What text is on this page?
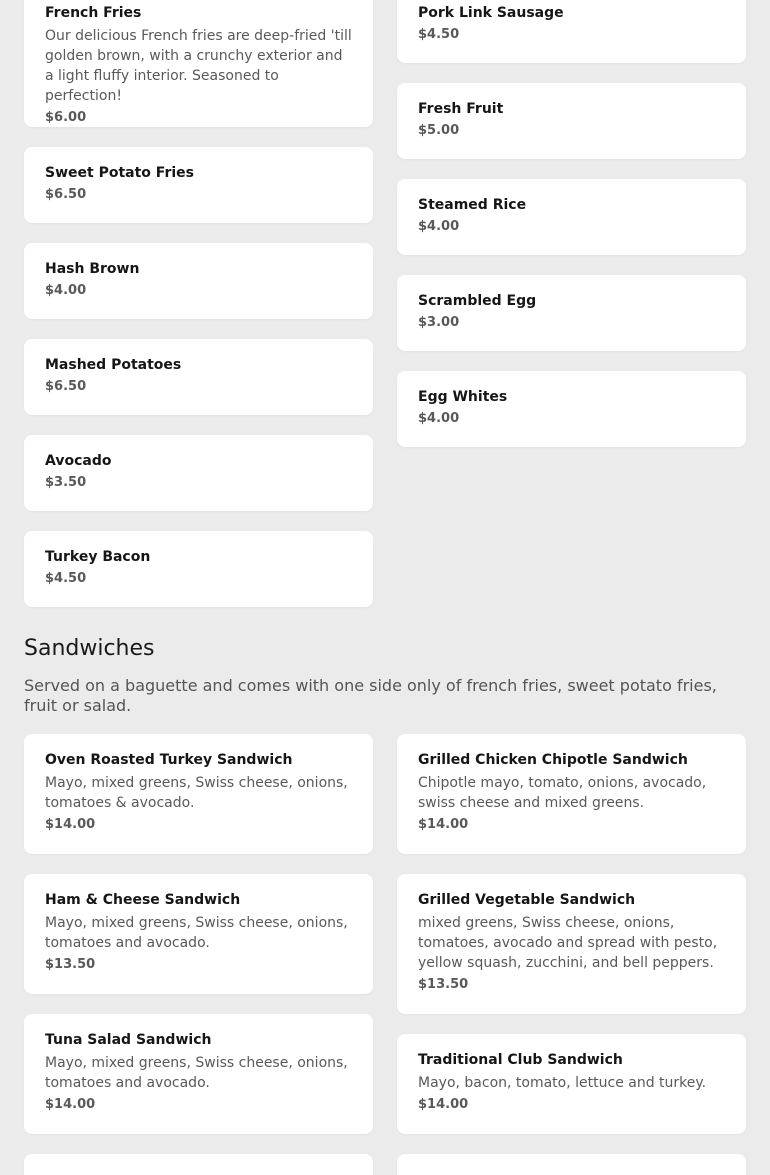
French Fries
Our delicious French fries are deep-fried 'till golden brown, with a crunchy exterior and a light fluffy interior. Seasoned to perfection!
$6.00
Sweet Potato Fries
$6.50
Hash Brown
$4.00
Mashed Potatoes
$6.50
Avocado
$3.50
Turkey Bacon
$4.50
Pork Link Sausage
$4.50
Fresh Fruit
$5.00
Steamed Rice
$4.00
Scrambled Egg
$3.00
Egg Whites
$4.00
Sandwiches
Served on a baguette and comes with one side only of french fries, sweet potato fries, fruit or salad.
Oven Roasted Turkey Sandwich
Mayo, mixed greens, Swiss cheese, onions, tomatoes & avocado.
$14.00
Ham & Cheese Sandwich
Mayo, mixed greens, Swiss cheese, onions, tomatoes and avocado.
$13.50
Tuna Salad Sandwich
Mayo, mixed greens, Swiss cheese, onions, tomatoes and avocado.
$14.00
Grilled Chicken Chipotle Sandwich
Chipotle mayo, tomato, onions, avocado, swiss cheese and mixed greens.
$14.00
Grilled Vegetable Sandwich
mixed greens, Swiss cheese, onions, tomatoes, avocado and spread with pesto, yellow squash, zucchini, and bell peppers.
$13.50
Traditional Club Sandwich
Mayo, bacon, tomato, lettuce and turkey.
$14.00
